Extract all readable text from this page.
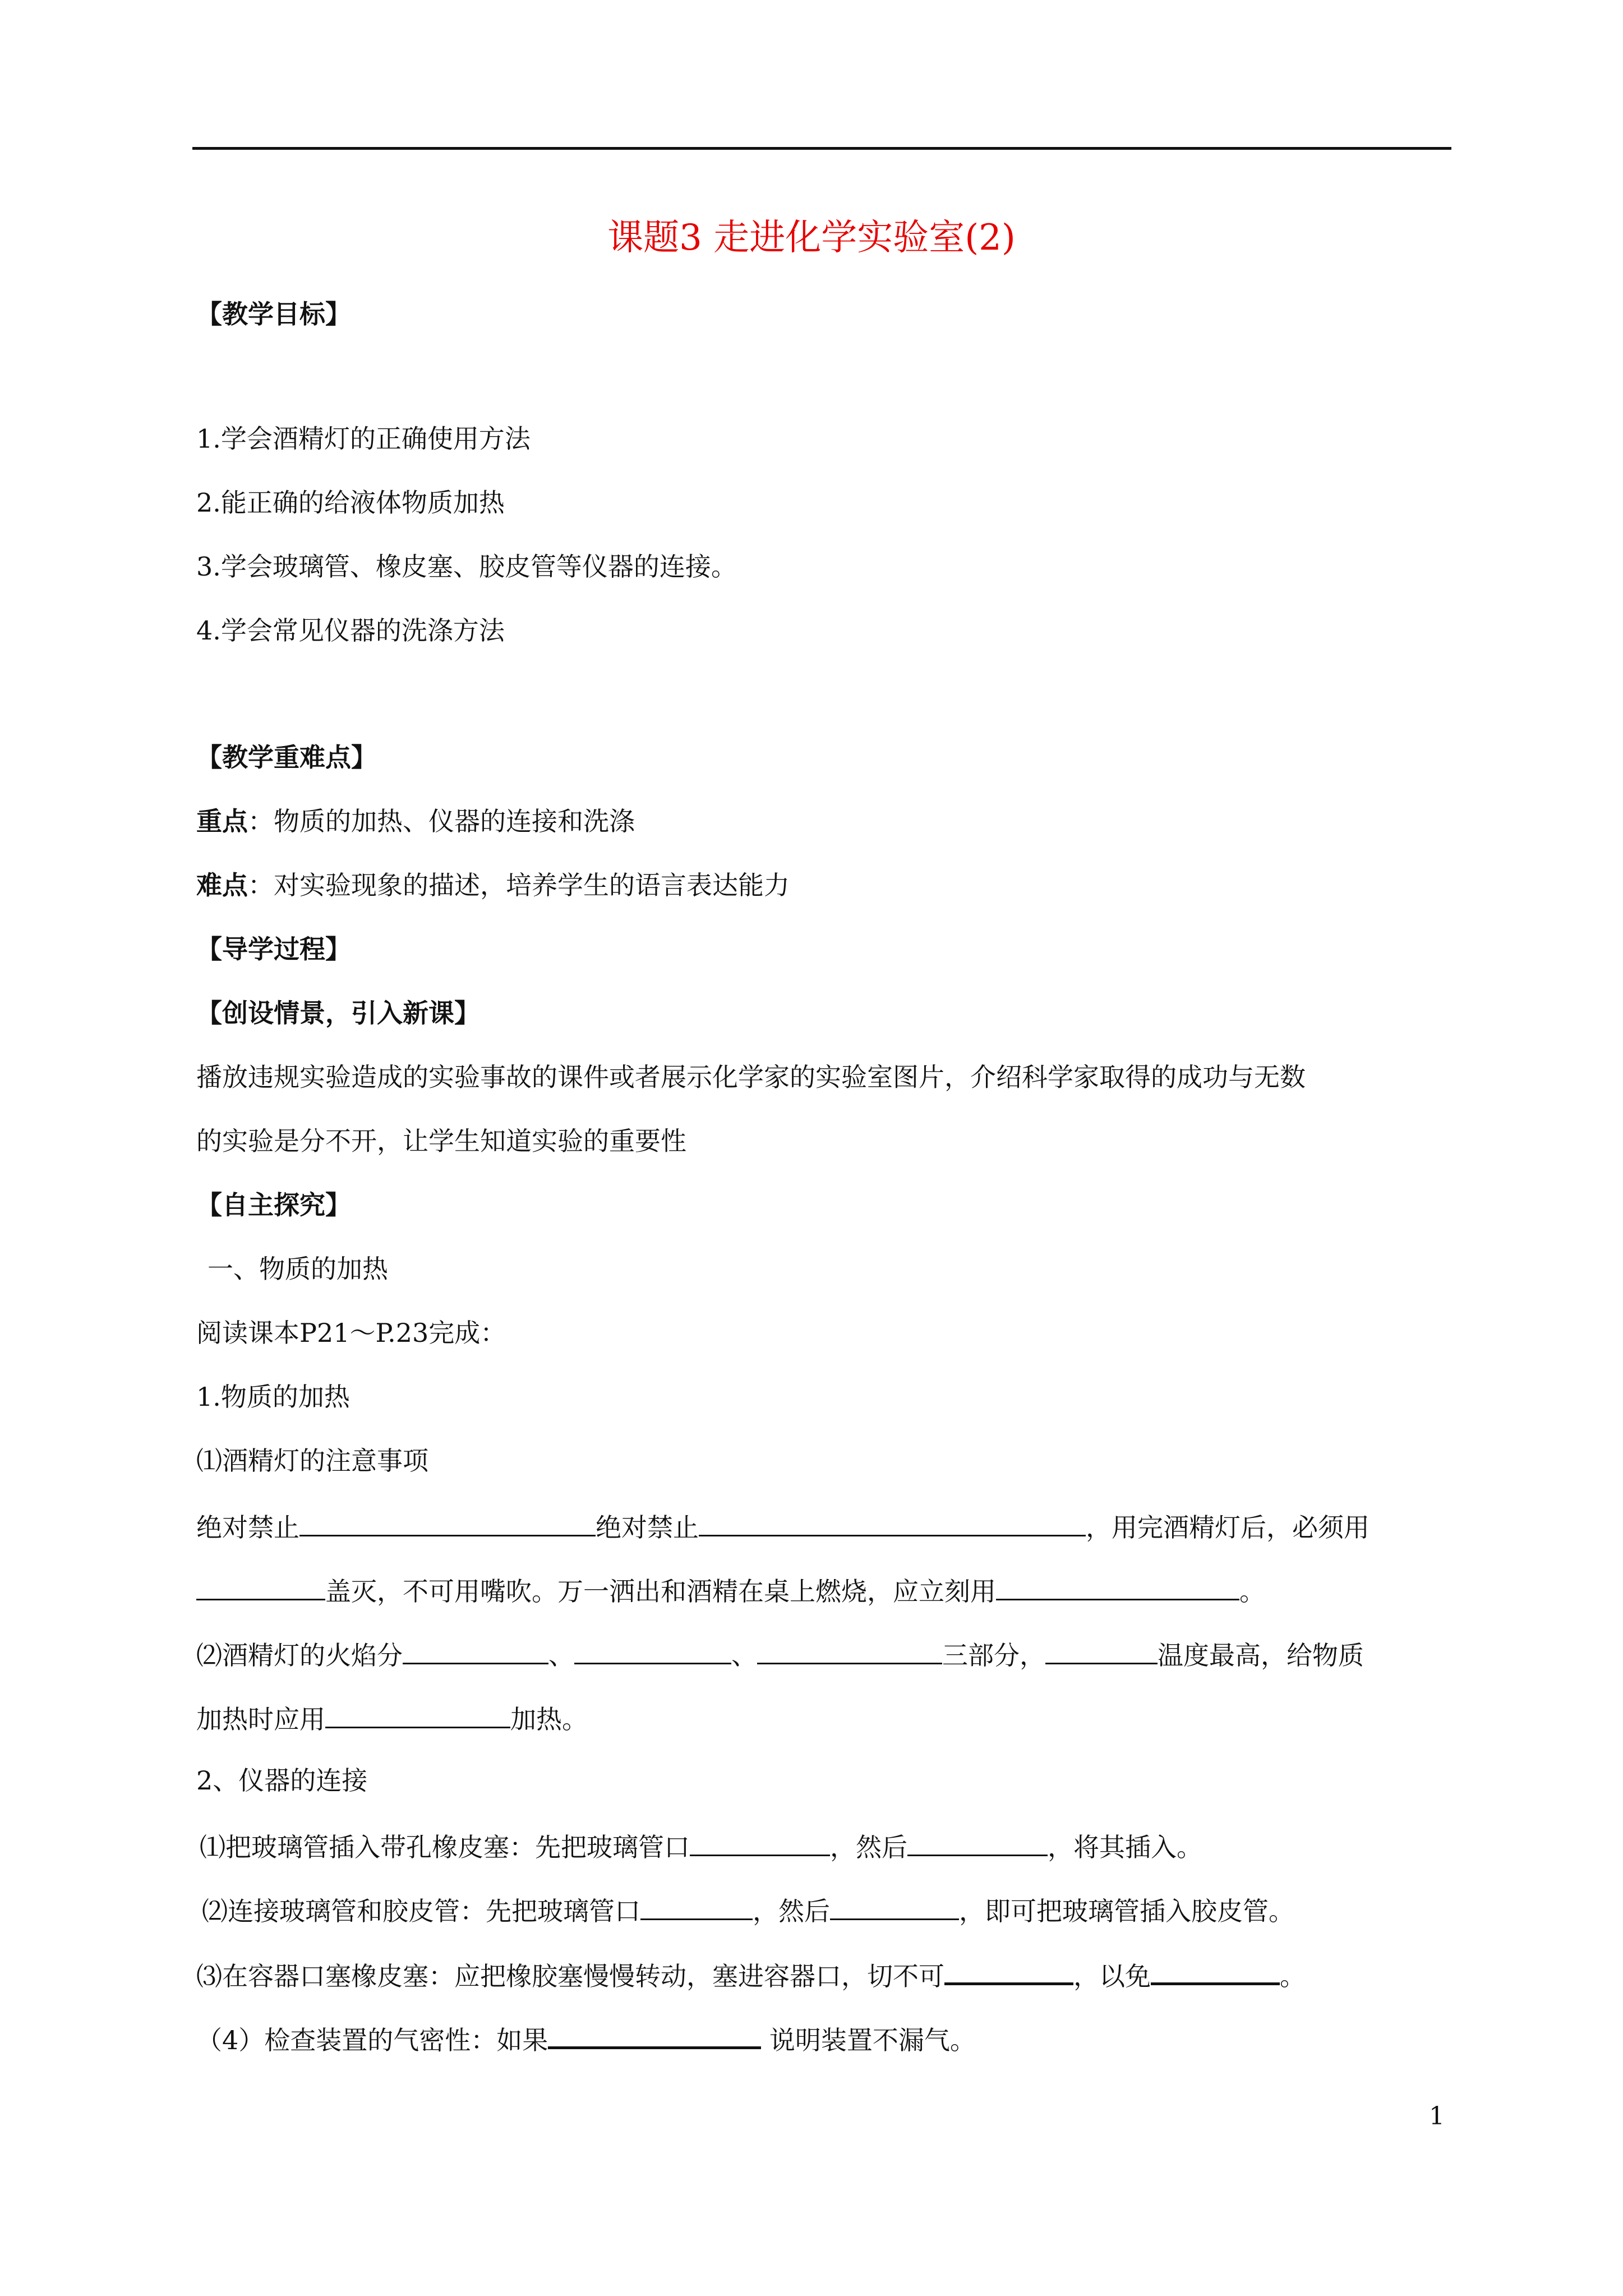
课题3 走进化学实验室(2)
【教学目标】
1.学会酒精灯的正确使用方法
2.能正确的给液体物质加热
3.学会玻璃管、橡皮塞、胶皮管等仪器的连接。
4.学会常见仪器的洗涤方法
【教学重难点】
重点：物质的加热、仪器的连接和洗涤
难点：对实验现象的描述，培养学生的语言表达能力
【导学过程】
【创设情景，引入新课】
播放违规实验造成的实验事故的课件或者展示化学家的实验室图片，介绍科学家取得的成功与无数
的实验是分不开，让学生知道实验的重要性
【自主探究】
一、物质的加热
阅读课本P21～P.23完成：
1.物质的加热
⑴酒精灯的注意事项
绝对禁止	绝对禁止	，用完酒精灯后，必须用
盖灭，不可用嘴吹。万一洒出和酒精在桌上燃烧，应立刻用	。
⑵酒精灯的火焰分	、	、	三部分，	温度最高，给物质
加热时应用	加热。
2、仪器的连接
⑴把玻璃管插入带孔橡皮塞：先把玻璃管口	，然后	，将其插入。
⑵连接玻璃管和胶皮管：先把玻璃管口	，然后	，即可把玻璃管插入胶皮管。
⑶在容器口塞橡皮塞：应把橡胶塞慢慢转动，塞进容器口，切不可	，以免	。
（4）检查装置的气密性：如果	说明装置不漏气。
1
